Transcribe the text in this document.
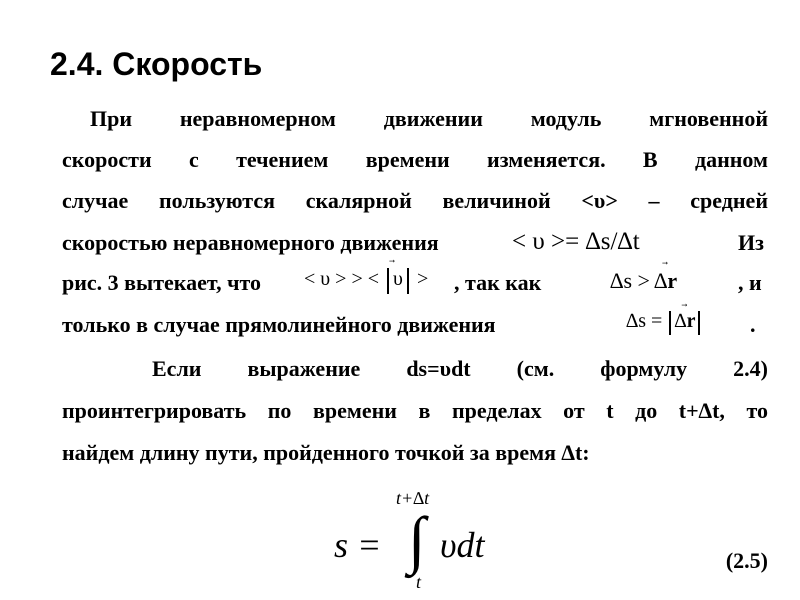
2.4. Скорость
При неравномерном движении модуль мгновенной
скорости с течением времени изменяется. В данном
случае пользуются скалярной величиной <υ> – средней
скоростью неравномерного движения	< υ >= ∆s/∆t	Из
рис. 3 вытекает, что < υ > > < υ >	, так как	∆s > ∆r	, и
только в случае прямолинейного движения	∆s = ∆r	.
Если выражение ds=υdt (см. формулу 2.4)
проинтегрировать по времени в пределах от t до t+∆t, то
найдем длину пути, пройденного точкой за время ∆t:
s =
t+∆t
∫ υdt
t
(2.5)
